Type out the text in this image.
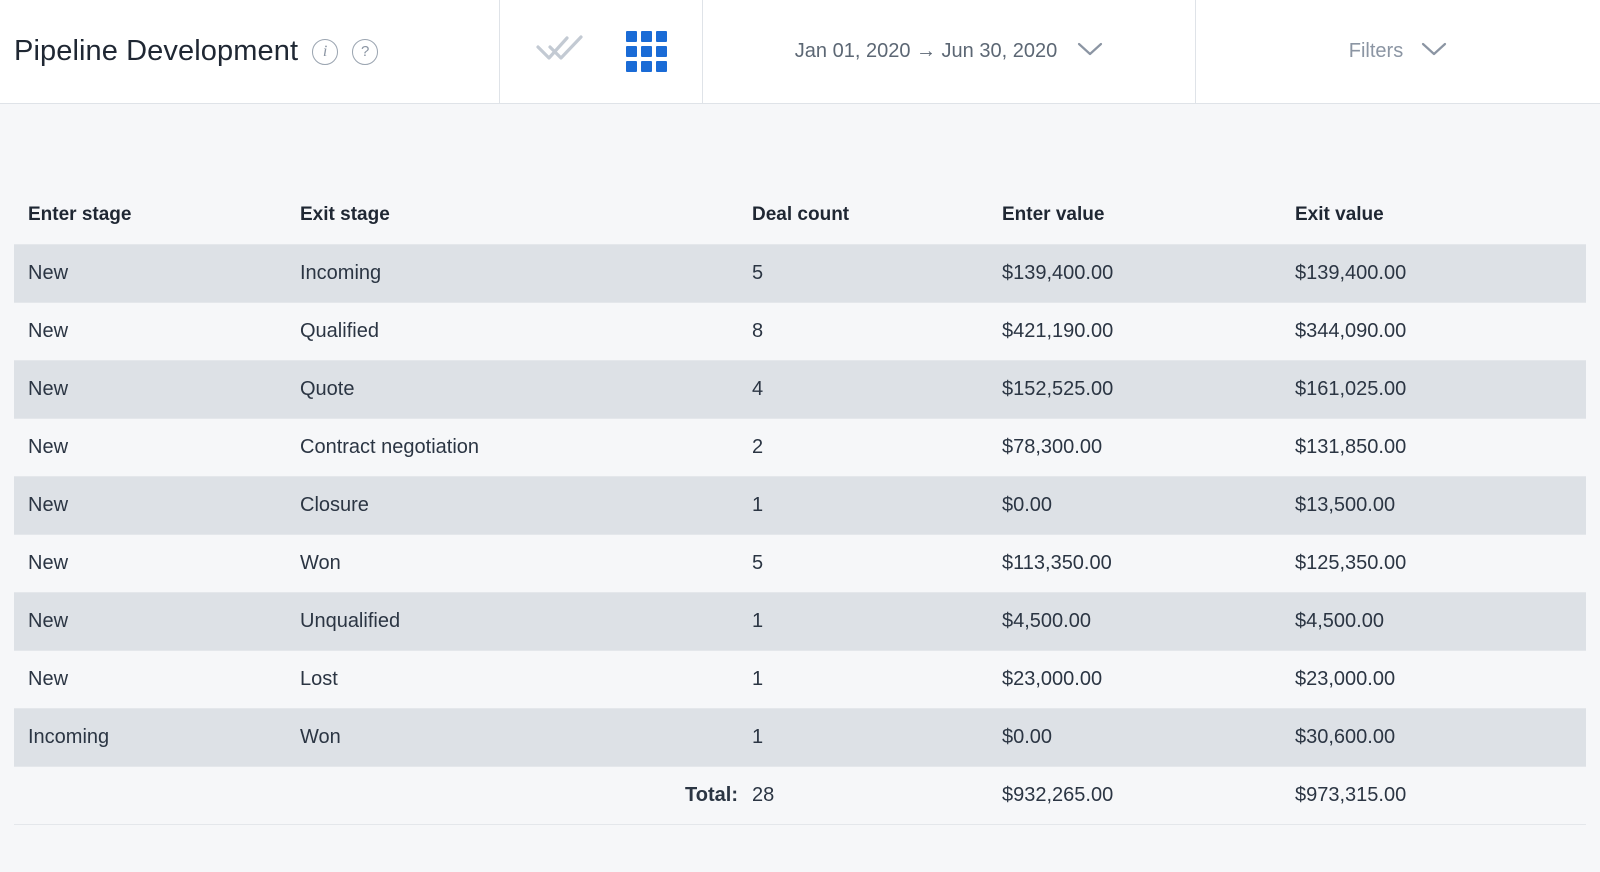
Pipeline Development	i	?	Jan 01, 2020 → Jun 30, 2020	Filters
Enter stage	Exit stage	Deal count	Enter value	Exit value
New	Incoming	5	$139,400.00	$139,400.00
New	Qualified	8	$421,190.00	$344,090.00
New	Quote	4	$152,525.00	$161,025.00
New	Contract negotiation	2	$78,300.00	$131,850.00
New	Closure	1	$0.00	$13,500.00
New	Won	5	$113,350.00	$125,350.00
New	Unqualified	1	$4,500.00	$4,500.00
New	Lost	1	$23,000.00	$23,000.00
Incoming	Won	1	$0.00	$30,600.00
	Total:	28	$932,265.00	$973,315.00
